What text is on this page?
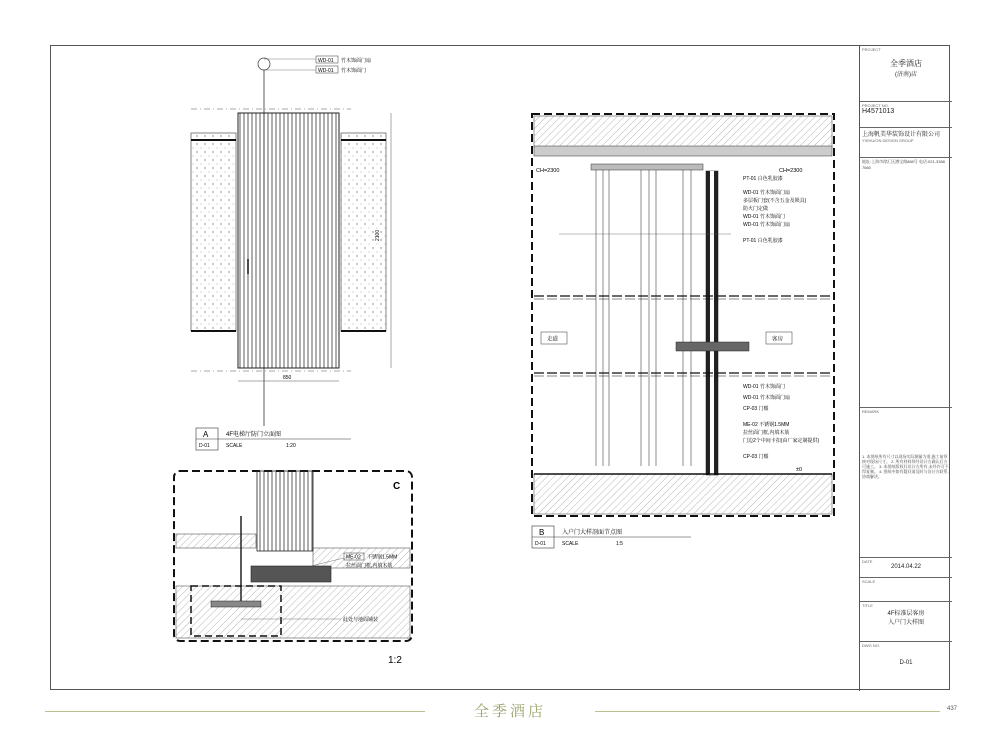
WD-01 竹木饰面门扇
WD-01 竹木饰面门
2100
850
A
D-01
4F电梯厅防门立面图
SCALE	1:20
C
ME-02 不锈钢1.5MM
拉丝面门框,内填木筋
此处与地面铺装
1:2
CH=2300	CH=2300
走道	客房
±0
PT-01 白色乳胶漆
WD-01 竹木饰面门扇
多层板门套(不含五金及锁具)
防火门定做
WD-01 竹木饰面门
WD-01 竹木饰面门扇
PT-01 白色乳胶漆
WD-01 竹木饰面门
WD-01 竹木饰面门扇
CP-03 门槛
ME-02 不锈钢1.5MM
拉丝面门框,内填木筋
门边2个中间卡扣(由厂家定制提供)
CP-03 门槛
B
D-01
入户门大样剖面节点图
SCALE	1:5
PROJECT
全季酒店
(济南)店
PROJECT NO.
H4571013
上海帆美华装饰设计有限公司
YISHU/ON DESIGN GROUP
地址:上海市徐汇区漕宝路888号 电话:021-3388 7660
REMARK
1. 本图纸所有尺寸以现场实际测量为准,施工前须核对现场尺寸。 2. 所有材料须经设计方确认后方可施工。 3. 本图纸版权归设计方所有,未经许可不得复制。 4. 图纸中如有疑问请及时与设计方联系,协商解决。
DATE
2014.04.22
SCALE
TITLE
4F标准层客房
入户门大样图
DWG NO.
D-01
全季酒店	437
